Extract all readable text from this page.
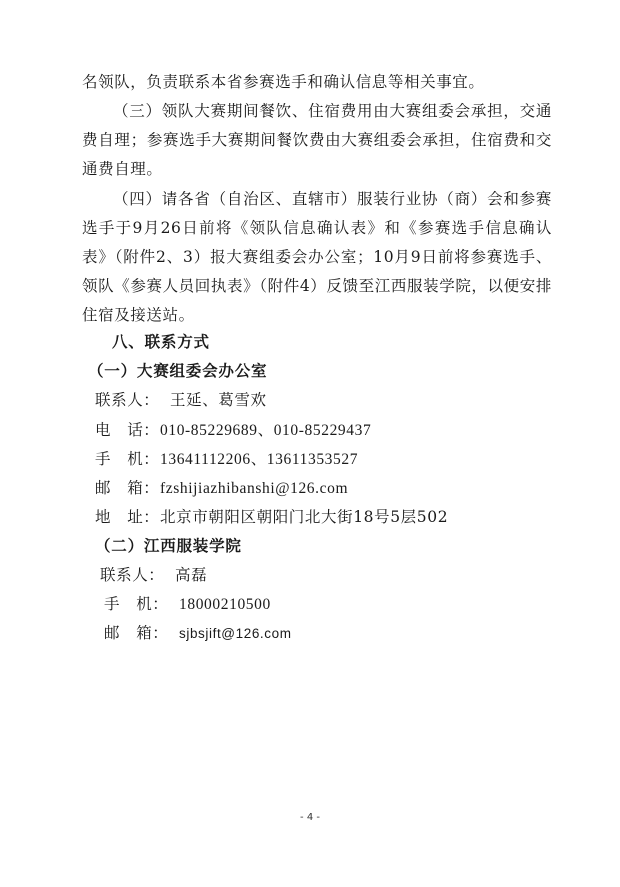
名领队，负责联系本省参赛选手和确认信息等相关事宜。

（三）领队大赛期间餐饮、住宿费用由大赛组委会承担，交通费自理；参赛选手大赛期间餐饮费由大赛组委会承担，住宿费和交通费自理。

（四）请各省（自治区、直辖市）服装行业协（商）会和参赛选手于9月26日前将《领队信息确认表》和《参赛选手信息确认表》（附件2、3）报大赛组委会办公室；10月9日前将参赛选手、领队《参赛人员回执表》（附件4）反馈至江西服装学院，以便安排住宿及接送站。

八、联系方式
（一）大赛组委会办公室
联系人： 王延、葛雪欢
电　话：010-85229689、010-85229437
手　机：13641112206、13611353527
邮　箱：fzshijiazhibanshi@126.com
地　址：北京市朝阳区朝阳门北大街18号5层502
（二）江西服装学院
联系人： 高磊
手　机： 18000210500
邮　箱： sjbsjift@126.com
- 4 -
